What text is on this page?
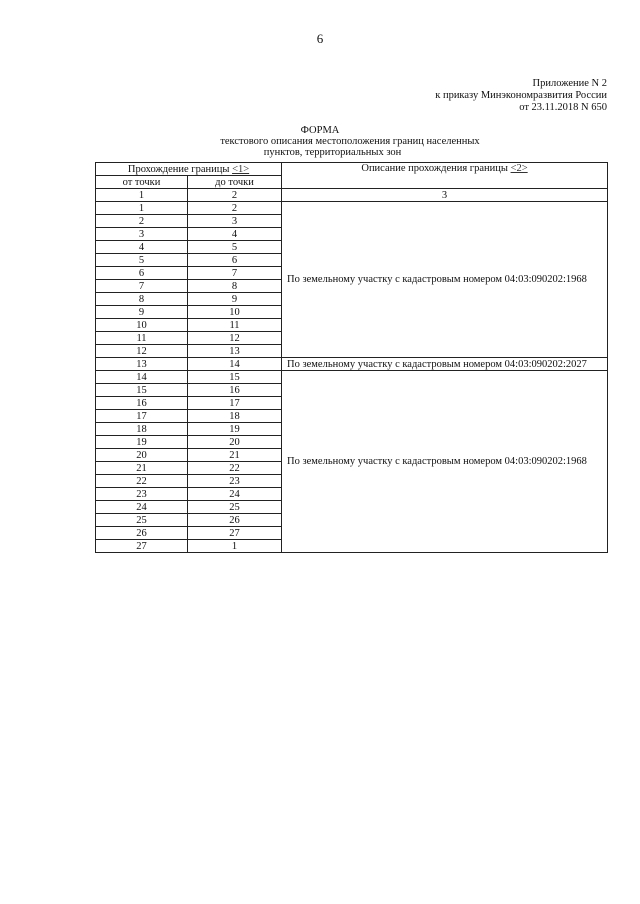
6
Приложение N 2
к приказу Минэкономразвития России
от 23.11.2018 N 650
ФОРМА
текстового описания местоположения границ населенных
пунктов, территориальных зон
Прохождение границы <1>		Описание прохождения границы <2>
от точки	до точки	
1	2	3
1	2	По земельному участку с кадастровым номером 04:03:090202:1968
2	3	
3	4	
4	5	
5	6	
6	7	
7	8	
8	9	
9	10	
10	11	
11	12	
12	13	
13	14	По земельному участку с кадастровым номером 04:03:090202:2027
14	15	По земельному участку с кадастровым номером 04:03:090202:1968
15	16	
16	17	
17	18	
18	19	
19	20	
20	21	
21	22	
22	23	
23	24	
24	25	
25	26	
26	27	
27	1	
